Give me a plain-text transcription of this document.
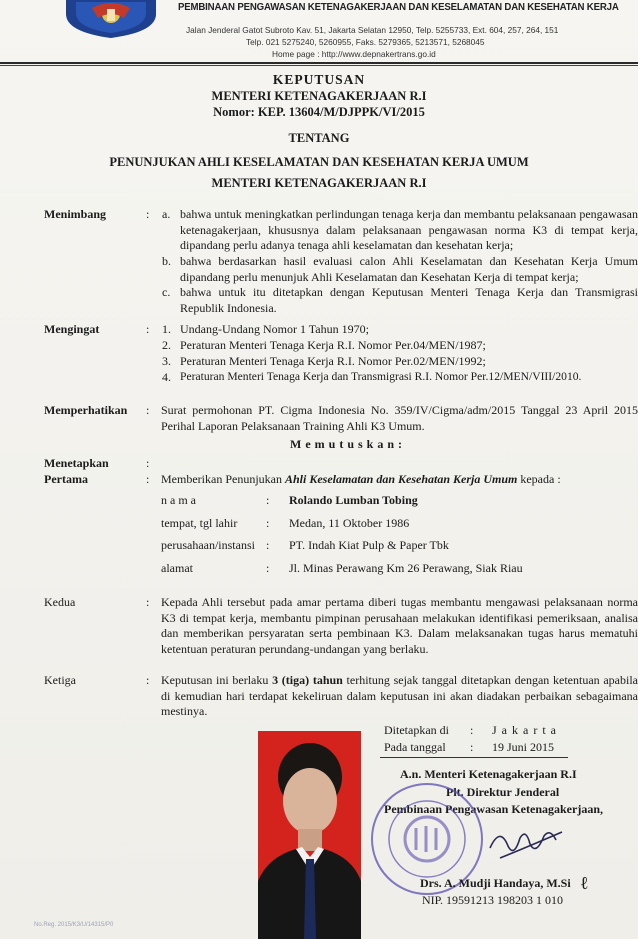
PEMBINAAN PENGAWASAN KETENAGAKERJAAN DAN KESELAMATAN DAN KESEHATAN KERJA
Jalan Jenderal Gatot Subroto Kav. 51, Jakarta Selatan 12950, Telp. 5255733, Ext. 604, 257, 264, 151
Telp. 021 5275240, 5260955, Faks. 5279365, 5213571, 5268045
Home page : http://www.depnakertrans.go.id
KEPUTUSAN
MENTERI KETENAGAKERJAAN R.I
Nomor: KEP. 13604/M/DJPPK/VI/2015
TENTANG
PENUNJUKAN AHLI KESELAMATAN DAN KESEHATAN KERJA UMUM
MENTERI KETENAGAKERJAAN R.I
Menimbang	: a. bahwa untuk meningkatkan perlindungan tenaga kerja dan membantu pelaksanaan pengawasan ketenagakerjaan, khususnya dalam pelaksanaan pengawasan norma K3 di tempat kerja, dipandang perlu adanya tenaga ahli keselamatan dan kesehatan kerja;
b. bahwa berdasarkan hasil evaluasi calon Ahli Keselamatan dan Kesehatan Kerja Umum dipandang perlu menunjuk Ahli Keselamatan dan Kesehatan Kerja di tempat kerja;
c. bahwa untuk itu ditetapkan dengan Keputusan Menteri Tenaga Kerja dan Transmigrasi Republik Indonesia.
Mengingat	: 1. Undang-Undang Nomor 1 Tahun 1970;
2. Peraturan Menteri Tenaga Kerja R.I. Nomor Per.04/MEN/1987;
3. Peraturan Menteri Tenaga Kerja R.I. Nomor Per.02/MEN/1992;
4. Peraturan Menteri Tenaga Kerja dan Transmigrasi R.I. Nomor Per.12/MEN/VIII/2010.
Memperhatikan : Surat permohonan PT. Cigma Indonesia No. 359/IV/Cigma/adm/2015 Tanggal 23 April 2015 Perihal Laporan Pelaksanaan Training Ahli K3 Umum.
M e m u t u s k a n :
Menetapkan	:
Pertama	: Memberikan Penunjukan Ahli Keselamatan dan Kesehatan Kerja Umum kepada :
n a m a	: Rolando Lumban Tobing
tempat, tgl lahir : Medan, 11 Oktober 1986
perusahaan/instansi : PT. Indah Kiat Pulp & Paper Tbk
alamat	: Jl. Minas Perawang Km 26 Perawang, Siak Riau
Kedua	: Kepada Ahli tersebut pada amar pertama diberi tugas membantu mengawasi pelaksanaan norma K3 di tempat kerja, membantu pimpinan perusahaan melakukan identifikasi pemeriksaan, analisa dan memberikan persyaratan serta pembinaan K3. Dalam melaksanakan tugas harus mematuhi ketentuan peraturan perundang-undangan yang berlaku.
Ketiga	: Keputusan ini berlaku 3 (tiga) tahun terhitung sejak tanggal ditetapkan dengan ketentuan apabila di kemudian hari terdapat kekeliruan dalam keputusan ini akan diadakan perbaikan sebagaimana mestinya.
Ditetapkan di : J a k a r t a
Pada tanggal : 19 Juni 2015
A.n. Menteri Ketenagakerjaan R.I
Plt. Direktur Jenderal
Pembinaan Pengawasan Ketenagakerjaan,
Drs. A. Mudji Handaya, M.Si ℓ
NIP. 19591213 198203 1 010
No.Reg. 2015/K3/U/14315/P0
